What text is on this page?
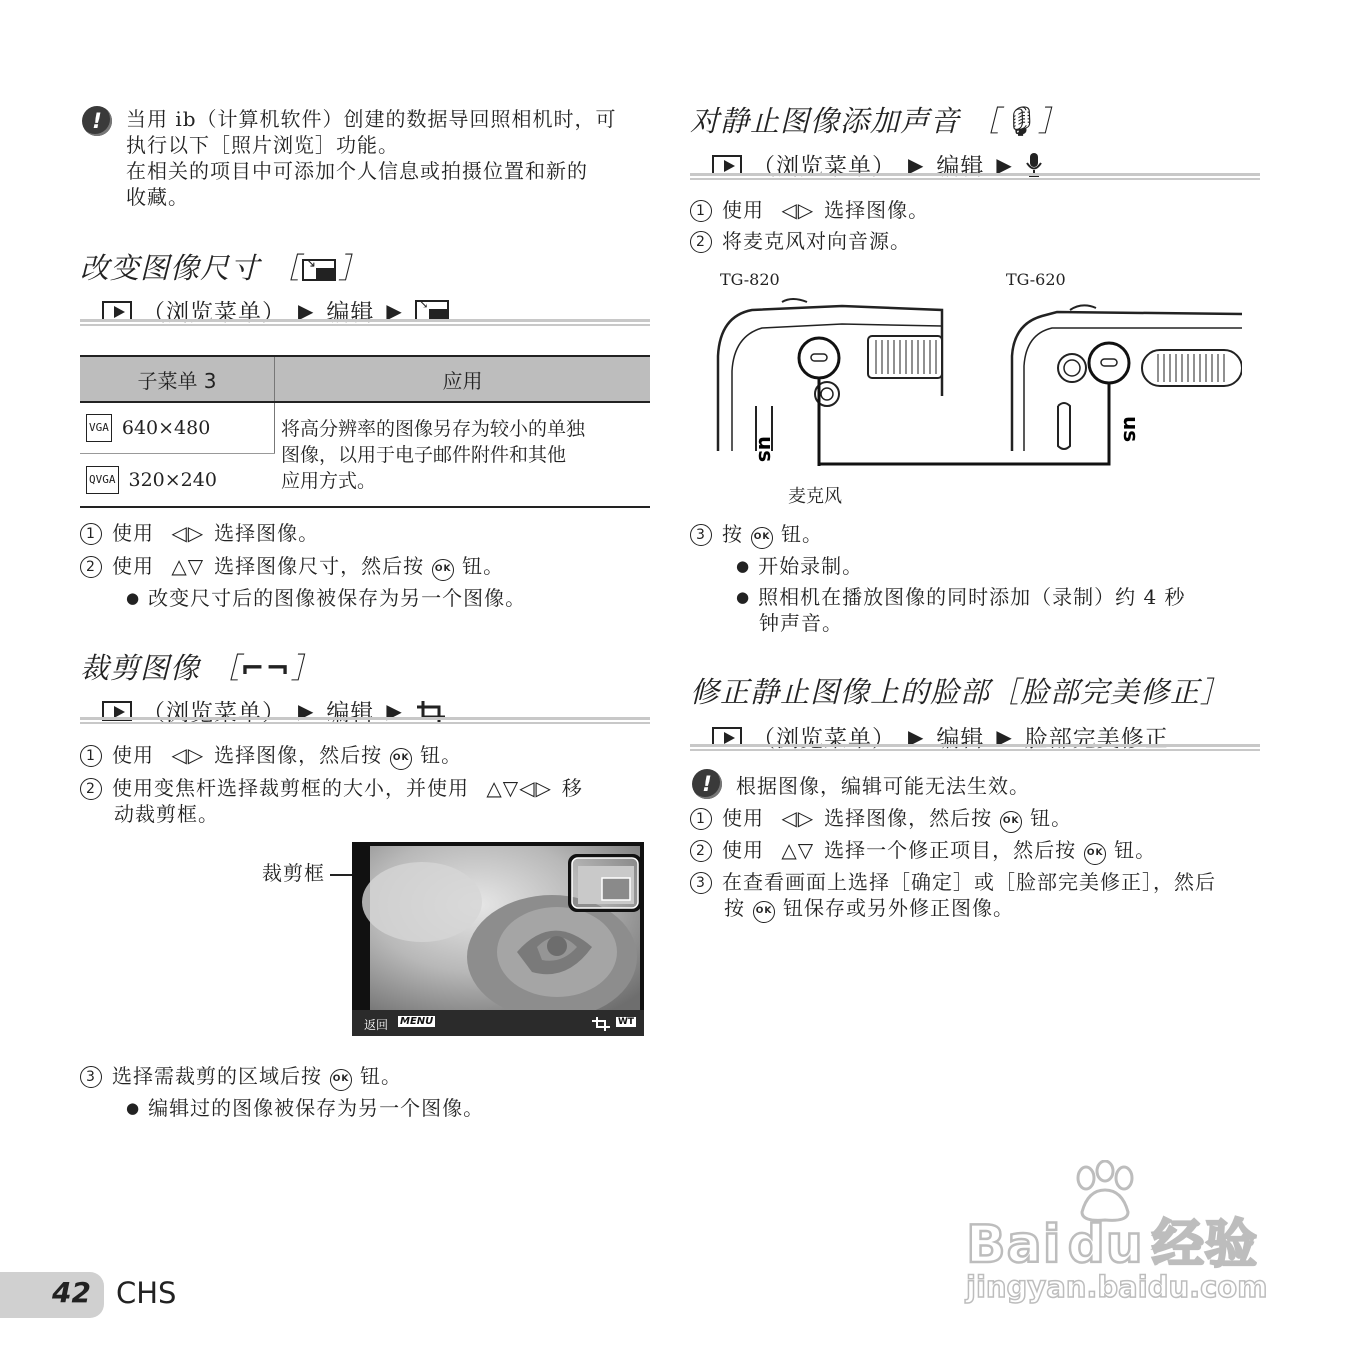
!	当用 ib（计算机软件）创建的数据导回照相机时，可
执行以下［照片浏览］功能。
在相关的项目中可添加个人信息或拍摄位置和新的
收藏。
改变图像尺寸 ［ ↘ ］
（浏览菜单） ▶ 编辑 ▶
↘
子菜单 3	应用
VGA 640×480	将高分辨率的图像另存为较小的单独
图像，以用于电子邮件附件和其他
应用方式。

QVGA 320×240	
1 使用 ◁▷ 选择图像。
2 使用 △▽ 选择图像尺寸，然后按 OK 钮。
● 改变尺寸后的图像被保存为另一个图像。
裁剪图像 ［⌐¬］
（浏览菜单） ▶ 编辑 ▶
1 使用 ◁▷ 选择图像，然后按 OK 钮。
2 使用变焦杆选择裁剪框的大小，并使用 △▽◁▷ 移
动裁剪框。
裁剪框
返回 MENU	WT
3 选择需裁剪的区域后按 OK 钮。
● 编辑过的图像被保存为另一个图像。
对静止图像添加声音 ［🎙］
（浏览菜单） ▶ 编辑 ▶
1 使用 ◁▷ 选择图像。
2 将麦克风对向音源。
TG-820	TG-620
us
us
麦克风
3 按 OK 钮。
● 开始录制。
● 照相机在播放图像的同时添加（录制）约 4 秒
钟声音。
修正静止图像上的脸部［脸部完美修正］
（浏览菜单） ▶ 编辑 ▶ 脸部完美修正
!	根据图像，编辑可能无法生效。
1 使用 ◁▷ 选择图像，然后按 OK 钮。
2 使用 △▽ 选择一个修正项目，然后按 OK 钮。
3 在查看画面上选择［确定］或［脸部完美修正］，然后
按 OK 钮保存或另外修正图像。
Bai du 经验
jingyan.baidu.com
42 CHS
